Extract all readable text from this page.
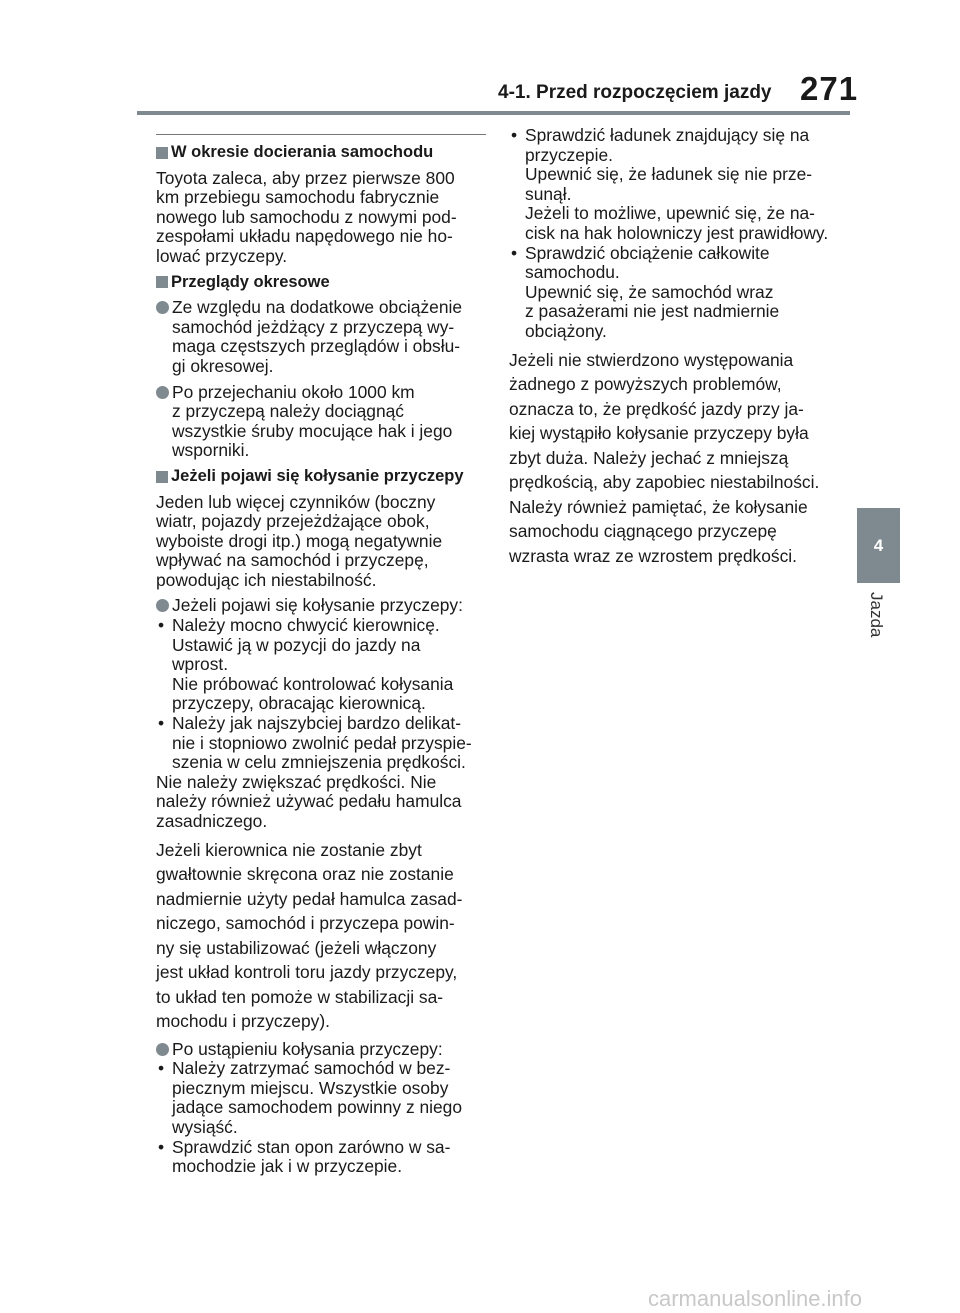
4-1. Przed rozpoczęciem jazdy 271
4
Jazda
W okresie docierania samochodu

Toyota zaleca, aby przez pierwsze 800
km przebiegu samochodu fabrycznie
nowego lub samochodu z nowymi pod-
zespołami układu napędowego nie ho-
lować przyczepy.

Przeglądy okresowe
Ze względu na dodatkowe obciążenie
samochód jeżdżący z przyczepą wy-
maga częstszych przeglądów i obsłu-
gi okresowej.
Po przejechaniu około 1000 km
z przyczepą należy dociągnąć
wszystkie śruby mocujące hak i jego
wsporniki.
Jeżeli pojawi się kołysanie przyczepy

Jeden lub więcej czynników (boczny
wiatr, pojazdy przejeżdżające obok,
wyboiste drogi itp.) mogą negatywnie
wpływać na samochód i przyczepę,
powodując ich niestabilność.

Jeżeli pojawi się kołysanie przyczepy:
• Należy mocno chwycić kierownicę.
Ustawić ją w pozycji do jazdy na
wprost.
Nie próbować kontrolować kołysania
przyczepy, obracając kierownicą.
• Należy jak najszybciej bardzo delikat-
nie i stopniowo zwolnić pedał przyspie-
szenia w celu zmniejszenia prędkości.

Nie należy zwiększać prędkości. Nie
należy również używać pedału hamulca
zasadniczego.

Jeżeli kierownica nie zostanie zbyt
gwałtownie skręcona oraz nie zostanie
nadmiernie użyty pedał hamulca zasad-
niczego, samochód i przyczepa powin-
ny się ustabilizować (jeżeli włączony
jest układ kontroli toru jazdy przyczepy,
to układ ten pomoże w stabilizacji sa-
mochodu i przyczepy).

Po ustąpieniu kołysania przyczepy:
• Należy zatrzymać samochód w bez-
piecznym miejscu. Wszystkie osoby
jadące samochodem powinny z niego
wysiąść.
• Sprawdzić stan opon zarówno w sa-
mochodzie jak i w przyczepie.
• Sprawdzić ładunek znajdujący się na
przyczepie.
Upewnić się, że ładunek się nie prze-
sunął.
Jeżeli to możliwe, upewnić się, że na-
cisk na hak holowniczy jest prawidłowy.
• Sprawdzić obciążenie całkowite
samochodu.
Upewnić się, że samochód wraz
z pasażerami nie jest nadmiernie
obciążony.

Jeżeli nie stwierdzono występowania
żadnego z powyższych problemów,
oznacza to, że prędkość jazdy przy ja-
kiej wystąpiło kołysanie przyczepy była
zbyt duża. Należy jechać z mniejszą
prędkością, aby zapobiec niestabilności.
Należy również pamiętać, że kołysanie
samochodu ciągnącego przyczepę
wzrasta wraz ze wzrostem prędkości.

carmanualsonline.info
